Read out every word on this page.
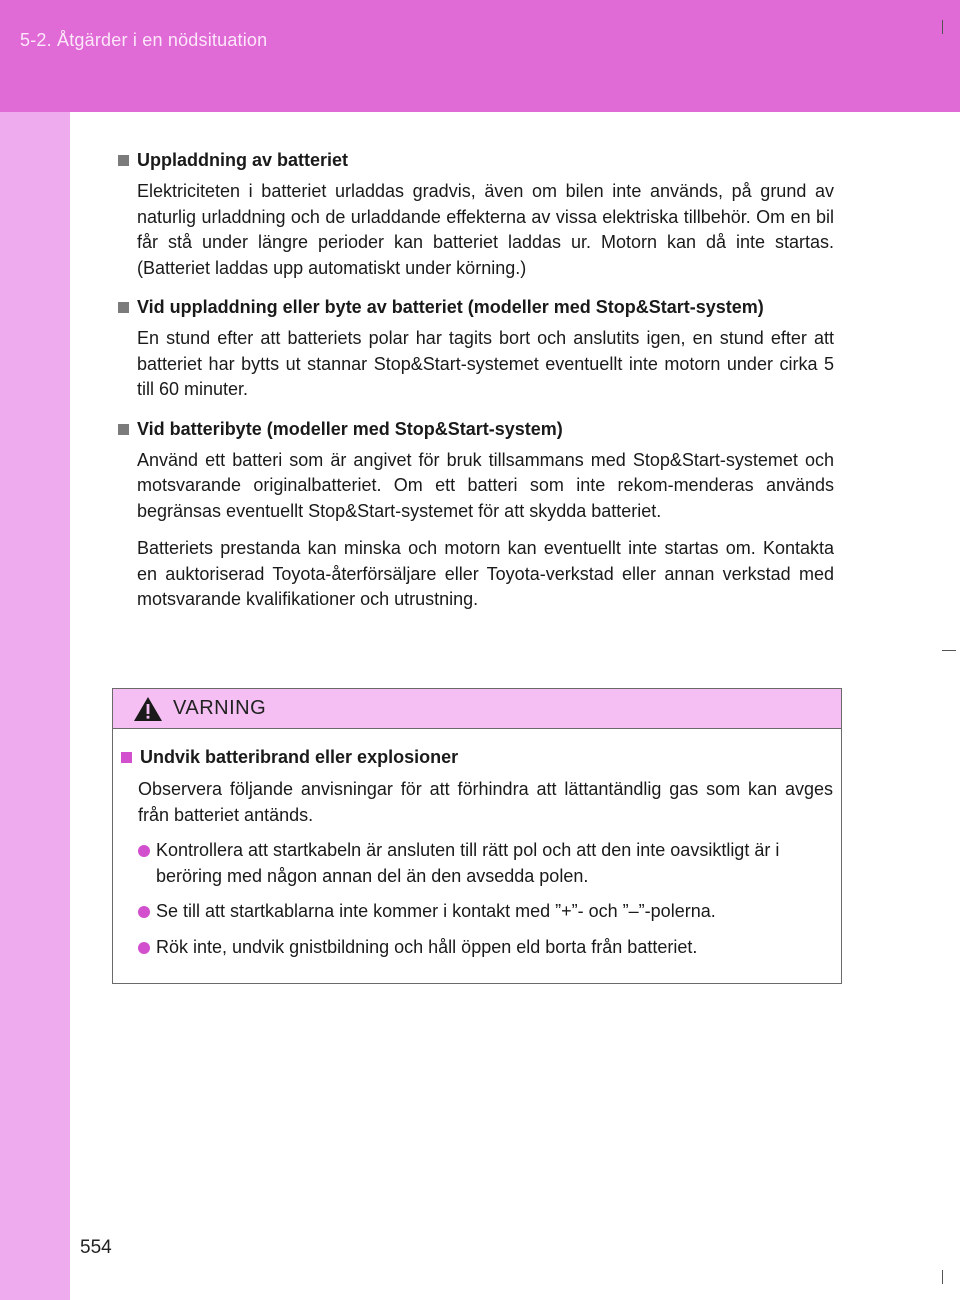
5-2. Åtgärder i en nödsituation
Uppladdning av batteriet
Elektriciteten i batteriet urladdas gradvis, även om bilen inte används, på grund av naturlig urladdning och de urladdande effekterna av vissa elektriska tillbehör. Om en bil får stå under längre perioder kan batteriet laddas ur. Motorn kan då inte startas. (Batteriet laddas upp automatiskt under körning.)
Vid uppladdning eller byte av batteriet (modeller med Stop&Start-system)
En stund efter att batteriets polar har tagits bort och anslutits igen, en stund efter att batteriet har bytts ut stannar Stop&Start-systemet eventuellt inte motorn under cirka 5 till 60 minuter.
Vid batteribyte (modeller med Stop&Start-system)
Använd ett batteri som är angivet för bruk tillsammans med Stop&Start-systemet och motsvarande originalbatteriet. Om ett batteri som inte rekom-menderas används begränsas eventuellt Stop&Start-systemet för att skydda batteriet.
Batteriets prestanda kan minska och motorn kan eventuellt inte startas om. Kontakta en auktoriserad Toyota-återförsäljare eller Toyota-verkstad eller annan verkstad med motsvarande kvalifikationer och utrustning.
VARNING
Undvik batteribrand eller explosioner
Observera följande anvisningar för att förhindra att lättantändlig gas som kan avges från batteriet antänds.
Kontrollera att startkabeln är ansluten till rätt pol och att den inte oavsiktligt är i beröring med någon annan del än den avsedda polen.
Se till att startkablarna inte kommer i kontakt med ”+”- och ”–”-polerna.
Rök inte, undvik gnistbildning och håll öppen eld borta från batteriet.
554
